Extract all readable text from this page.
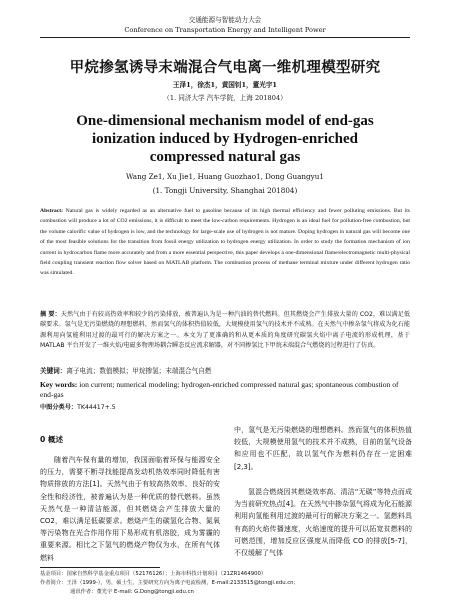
交通能源与智能动力大会
Conference on Transportation Energy and Intelligent Power
甲烷掺氢诱导末端混合气电离一维机理模型研究
王泽1，徐杰1，黄国钊1，董光宇1
（1. 同济大学 汽车学院，上海 201804）
One-dimensional mechanism model of end-gas ionization induced by Hydrogen-enriched compressed natural gas
Wang Ze1, Xu Jie1, Huang Guozhao1, Dong Guangyu1
(1. Tongji University, Shanghai 201804)
Abstract: Natural gas is widely regarded as an alternative fuel to gasoline because of its high thermal efficiency and fewer polluting emissions. But its combustion will produce a lot of CO2 emissions, it is difficult to meet the low-carbon requirements. Hydrogen is an ideal fuel for pollution-free combustion, but the volume calorific value of hydrogen is low, and the technology for large-scale use of hydrogen is not mature. Doping hydrogen in natural gas will become one of the most feasible solutions for the transition from fossil energy utilization to hydrogen energy utilization. In order to study the formation mechanism of ion current in hydrocarbon flame more accurately and from a more essential perspective, this paper develops a one-dimensional flame/electromagnetic multi-physical field coupling transient reaction flow solver based on MATLAB platform. The combustion process of methane terminal mixture under different hydrogen ratio was simulated.
摘 要：天然气由于有较高热效率和较少的污染排放，被普遍认为是一种汽油的替代燃料。但其燃烧会产生排放大量的 CO2，难以满足低碳要求。氢气是无污染燃烧的理想燃料，然而氢气的体积热值较低，大规模使用氢气的技术并不成熟。在天然气中掺杂氢气将成为化石能源利用向氢能利用过渡的最可行的解决方案之一。本文为了更准确的和从更本质的角度研究碳氢火焰中离子电流的形成机理，基于 MATLAB 平台开发了一维火焰/电磁多物理场耦合瞬态反应流求解器，对不同掺氢比下甲烷末端混合气燃烧的过程进行了仿真。
关键词：离子电流；数值模拟；甲烷掺氢；末端混合气自燃
Key words: ion current; numerical modeling; hydrogen-enriched compressed natural gas; spontaneous combustion of end-gas
中图分类号：TK44417+.5
0 概述
随着汽车保有量的增加，我国面临着环保与能源安全的压力，需要不断寻找能提高发动机热效率同时降低有害物质排放的方法[1]。天然气由于有较高热效率、良好的安全性和经济性，被普遍认为是一种优质的替代燃料。虽然天然气是一种清洁能源，但其燃烧会产生排放大量的 CO2，难以满足低碳要求。燃烧产生的碳氢化合物、氮氧等污染物在光合作用作用下易形成有机溶胶，成为雾霾的重要来源。相比之下氢气的燃烧产物仅为水，在所有气体燃料
中，氢气是无污染燃烧的理想燃料。然而氢气的体积热值较低，大规模使用氢气的技术并不成熟，目前的氢气设备和应用也不匹配，故以氢气作为燃料仍存在一定困难[2,3]。
氢混合燃烧因其燃烧效率高、清洁“无碳”等特点而成为当前研究热点[4]。在天然气中掺杂氢气将成为化石能源利用向氢能利用过渡的最可行的解决方案之一。氢燃料具有高的火焰传播速度，火焰速度的提升可以拓宽贫燃料的可燃范围，增加反应区强度从而降低 CO 的排放[5-7]，不仅缓解了气体
基金项目：国家自然科学基金重点项目（52176126）；上海市科技计划项目（21ZR1464900）
作者简介：王泽（1999-），男，硕士生，主要研究方向为离子电流检测，E-mail:2133515@tongji.edu.cn；
通讯作者：董光宇 E-mail: G.Dong@tongji.edu.cn
